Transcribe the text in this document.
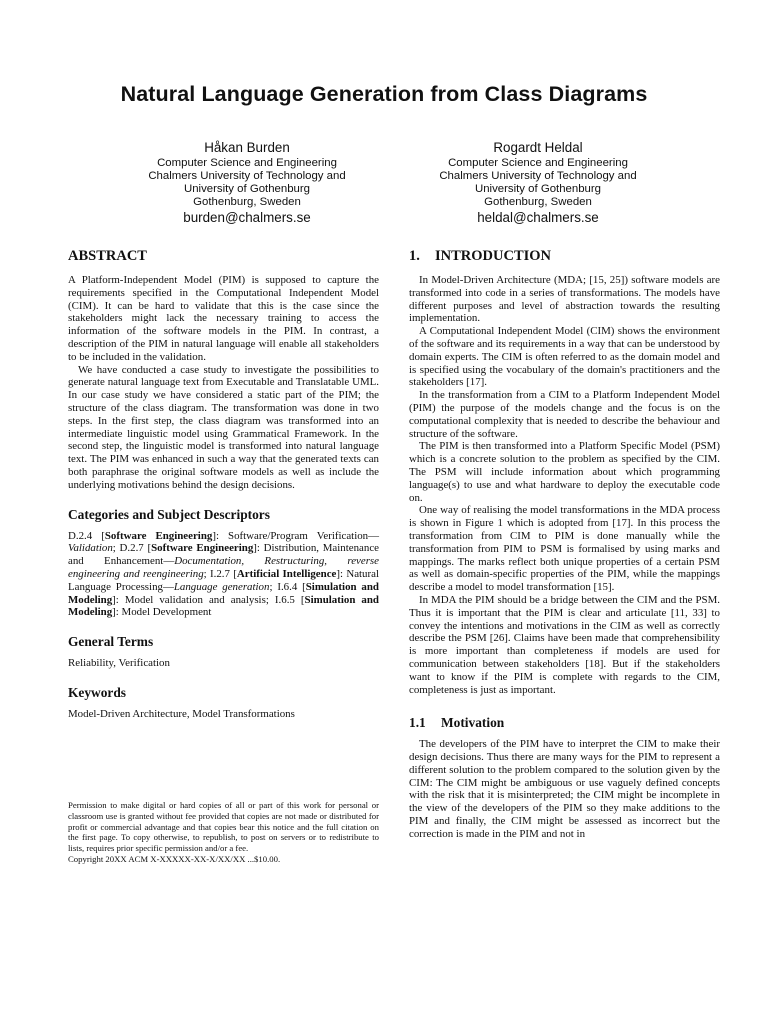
Natural Language Generation from Class Diagrams
Håkan Burden
Computer Science and Engineering
Chalmers University of Technology and
University of Gothenburg
Gothenburg, Sweden
burden@chalmers.se
Rogardt Heldal
Computer Science and Engineering
Chalmers University of Technology and
University of Gothenburg
Gothenburg, Sweden
heldal@chalmers.se
ABSTRACT

A Platform-Independent Model (PIM) is supposed to capture the requirements specified in the Computational Independent Model (CIM). It can be hard to validate that this is the case since the stakeholders might lack the necessary training to access the information of the software models in the PIM. In contrast, a description of the PIM in natural language will enable all stakeholders to be included in the validation.

We have conducted a case study to investigate the possibilities to generate natural language text from Executable and Translatable UML. In our case study we have considered a static part of the PIM; the structure of the class diagram. The transformation was done in two steps. In the first step, the class diagram was transformed into an intermediate linguistic model using Grammatical Framework. In the second step, the linguistic model is transformed into natural language text. The PIM was enhanced in such a way that the generated texts can both paraphrase the original software models as well as include the underlying motivations behind the design decisions.

Categories and Subject Descriptors

D.2.4 [Software Engineering]: Software/Program Verification—Validation; D.2.7 [Software Engineering]: Distribution, Maintenance and Enhancement—Documentation, Restructuring, reverse engineering and reengineering; I.2.7 [Artificial Intelligence]: Natural Language Processing—Language generation; I.6.4 [Simulation and Modeling]: Model validation and analysis; I.6.5 [Simulation and Modeling]: Model Development

General Terms

Reliability, Verification

Keywords

Model-Driven Architecture, Model Transformations

Permission to make digital or hard copies of all or part of this work for personal or classroom use is granted without fee provided that copies are not made or distributed for profit or commercial advantage and that copies bear this notice and the full citation on the first page. To copy otherwise, to republish, to post on servers or to redistribute to lists, requires prior specific permission and/or a fee.
Copyright 20XX ACM X-XXXXX-XX-X/XX/XX ...$10.00.
1. INTRODUCTION

In Model-Driven Architecture (MDA; [15, 25]) software models are transformed into code in a series of transformations. The models have different purposes and level of abstraction towards the resulting implementation.

A Computational Independent Model (CIM) shows the environment of the software and its requirements in a way that can be understood by domain experts. The CIM is often referred to as the domain model and is specified using the vocabulary of the domain's practitioners and the stakeholders [17].

In the transformation from a CIM to a Platform Independent Model (PIM) the purpose of the models change and the focus is on the computational complexity that is needed to describe the behaviour and structure of the software.

The PIM is then transformed into a Platform Specific Model (PSM) which is a concrete solution to the problem as specified by the CIM. The PSM will include information about which programming language(s) to use and what hardware to deploy the executable code on.

One way of realising the model transformations in the MDA process is shown in Figure 1 which is adopted from [17]. In this process the transformation from CIM to PIM is done manually while the transformation from PIM to PSM is formalised by using marks and mappings. The marks reflect both unique properties of a certain PSM as well as domain-specific properties of the PIM, while the mappings describe a model to model transformation [15].

In MDA the PIM should be a bridge between the CIM and the PSM. Thus it is important that the PIM is clear and articulate [11, 33] to convey the intentions and motivations in the CIM as well as correctly describe the PSM [26]. Claims have been made that comprehensibility is more important than completeness if models are used for communication between stakeholders [18]. But if the stakeholders want to know if the PIM is complete with regards to the CIM, completeness is just as important.

1.1 Motivation

The developers of the PIM have to interpret the CIM to make their design decisions. Thus there are many ways for the PIM to represent a different solution to the problem compared to the solution given by the CIM: The CIM might be ambiguous or use vaguely defined concepts with the risk that it is misinterpreted; the CIM might be incomplete in the view of the developers of the PIM so they make additions to the PIM and finally, the CIM might be assessed as incorrect but the correction is made in the PIM and not in
